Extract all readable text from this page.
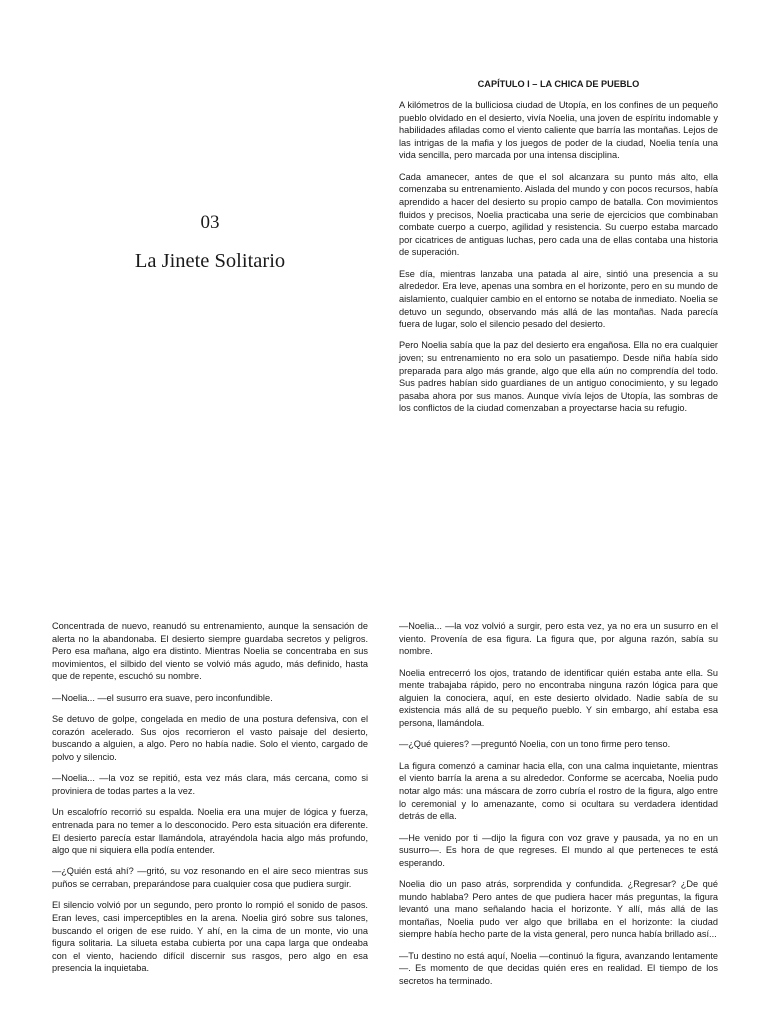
03
La Jinete Solitario
CAPÍTULO I – LA CHICA DE PUEBLO

A kilómetros de la bulliciosa ciudad de Utopía, en los confines de un pequeño pueblo olvidado en el desierto, vivía Noelia, una joven de espíritu indomable y habilidades afiladas como el viento caliente que barría las montañas. Lejos de las intrigas de la mafia y los juegos de poder de la ciudad, Noelia tenía una vida sencilla, pero marcada por una intensa disciplina.

Cada amanecer, antes de que el sol alcanzara su punto más alto, ella comenzaba su entrenamiento. Aislada del mundo y con pocos recursos, había aprendido a hacer del desierto su propio campo de batalla. Con movimientos fluidos y precisos, Noelia practicaba una serie de ejercicios que combinaban combate cuerpo a cuerpo, agilidad y resistencia. Su cuerpo estaba marcado por cicatrices de antiguas luchas, pero cada una de ellas contaba una historia de superación.

Ese día, mientras lanzaba una patada al aire, sintió una presencia a su alrededor. Era leve, apenas una sombra en el horizonte, pero en su mundo de aislamiento, cualquier cambio en el entorno se notaba de inmediato. Noelia se detuvo un segundo, observando más allá de las montañas. Nada parecía fuera de lugar, solo el silencio pesado del desierto.

Pero Noelia sabía que la paz del desierto era engañosa. Ella no era cualquier joven; su entrenamiento no era solo un pasatiempo. Desde niña había sido preparada para algo más grande, algo que ella aún no comprendía del todo. Sus padres habían sido guardianes de un antiguo conocimiento, y su legado pasaba ahora por sus manos. Aunque vivía lejos de Utopía, las sombras de los conflictos de la ciudad comenzaban a proyectarse hacia su refugio.

Concentrada de nuevo, reanudó su entrenamiento, aunque la sensación de alerta no la abandonaba. El desierto siempre guardaba secretos y peligros. Pero esa mañana, algo era distinto. Mientras Noelia se concentraba en sus movimientos, el silbido del viento se volvió más agudo, más definido, hasta que de repente, escuchó su nombre.

—Noelia... —el susurro era suave, pero inconfundible.

Se detuvo de golpe, congelada en medio de una postura defensiva, con el corazón acelerado. Sus ojos recorrieron el vasto paisaje del desierto, buscando a alguien, a algo. Pero no había nadie. Solo el viento, cargado de polvo y silencio.

—Noelia... —la voz se repitió, esta vez más clara, más cercana, como si proviniera de todas partes a la vez.

Un escalofrío recorrió su espalda. Noelia era una mujer de lógica y fuerza, entrenada para no temer a lo desconocido. Pero esta situación era diferente. El desierto parecía estar llamándola, atrayéndola hacia algo más profundo, algo que ni siquiera ella podía entender.

—¿Quién está ahí? —gritó, su voz resonando en el aire seco mientras sus puños se cerraban, preparándose para cualquier cosa que pudiera surgir.

El silencio volvió por un segundo, pero pronto lo rompió el sonido de pasos. Eran leves, casi imperceptibles en la arena. Noelia giró sobre sus talones, buscando el origen de ese ruido. Y ahí, en la cima de un monte, vio una figura solitaria. La silueta estaba cubierta por una capa larga que ondeaba con el viento, haciendo difícil discernir sus rasgos, pero algo en esa presencia la inquietaba.

—Noelia... —la voz volvió a surgir, pero esta vez, ya no era un susurro en el viento. Provenía de esa figura. La figura que, por alguna razón, sabía su nombre.

Noelia entrecerró los ojos, tratando de identificar quién estaba ante ella. Su mente trabajaba rápido, pero no encontraba ninguna razón lógica para que alguien la conociera, aquí, en este desierto olvidado. Nadie sabía de su existencia más allá de su pequeño pueblo. Y sin embargo, ahí estaba esa persona, llamándola.

—¿Qué quieres? —preguntó Noelia, con un tono firme pero tenso.

La figura comenzó a caminar hacia ella, con una calma inquietante, mientras el viento barría la arena a su alrededor. Conforme se acercaba, Noelia pudo notar algo más: una máscara de zorro cubría el rostro de la figura, algo entre lo ceremonial y lo amenazante, como si ocultara su verdadera identidad detrás de ella.

—He venido por ti —dijo la figura con voz grave y pausada, ya no en un susurro—. Es hora de que regreses. El mundo al que perteneces te está esperando.

Noelia dio un paso atrás, sorprendida y confundida. ¿Regresar? ¿De qué mundo hablaba? Pero antes de que pudiera hacer más preguntas, la figura levantó una mano señalando hacia el horizonte. Y allí, más allá de las montañas, Noelia pudo ver algo que brillaba en el horizonte: la ciudad siempre había hecho parte de la vista general, pero nunca había brillado así...

—Tu destino no está aquí, Noelia —continuó la figura, avanzando lentamente—. Es momento de que decidas quién eres en realidad. El tiempo de los secretos ha terminado.
